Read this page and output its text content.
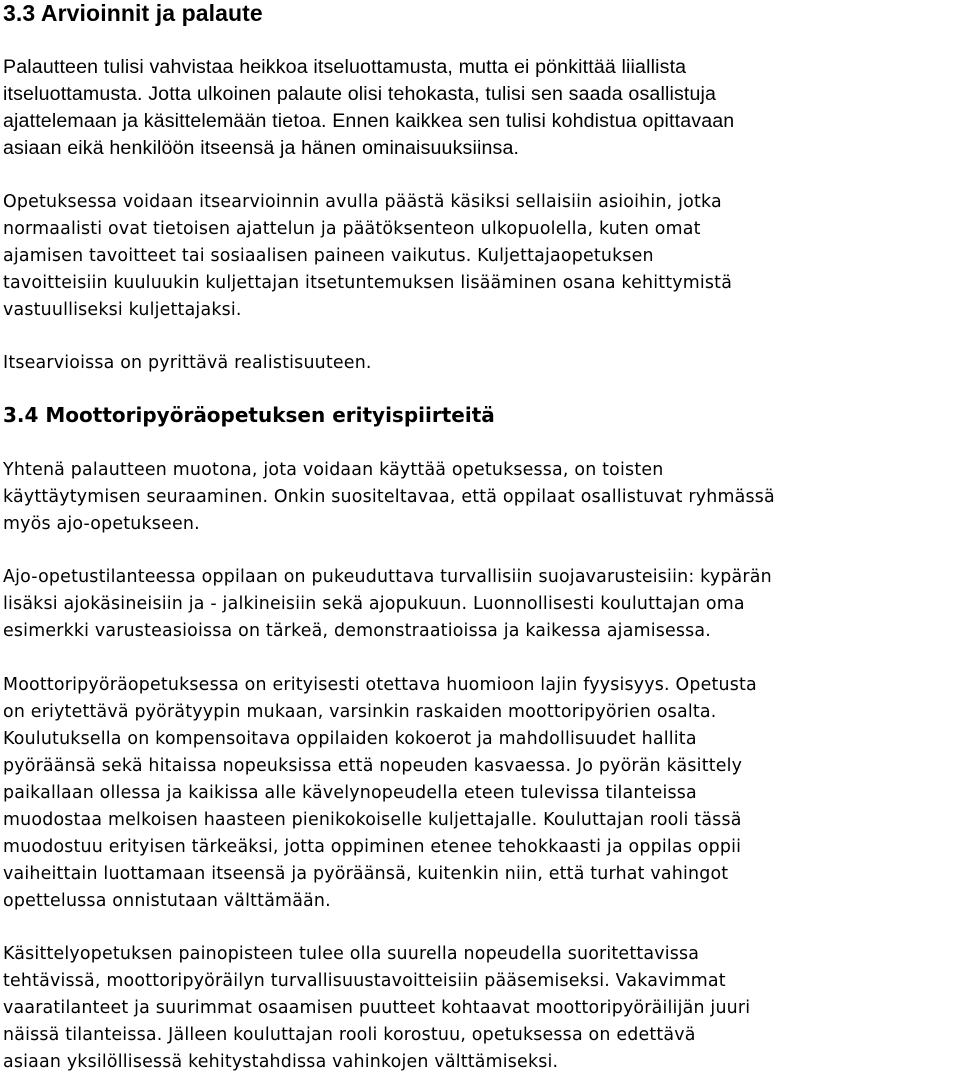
3.3 Arvioinnit ja palaute

Palautteen tulisi vahvistaa heikkoa itseluottamusta, mutta ei pönkittää liiallista
itseluottamusta. Jotta ulkoinen palaute olisi tehokasta, tulisi sen saada osallistuja
ajattelemaan ja käsittelemään tietoa. Ennen kaikkea sen tulisi kohdistua opittavaan
asiaan eikä henkilöön itseensä ja hänen ominaisuuksiinsa.

Opetuksessa voidaan itsearvioinnin avulla päästä käsiksi sellaisiin asioihin, jotka
normaalisti ovat tietoisen ajattelun ja päätöksenteon ulkopuolella, kuten omat
ajamisen tavoitteet tai sosiaalisen paineen vaikutus. Kuljettajaopetuksen
tavoitteisiin kuuluukin kuljettajan itsetuntemuksen lisääminen osana kehittymistä
vastuulliseksi kuljettajaksi.

Itsearvioissa on pyrittävä realistisuuteen.

3.4 Moottoripyöräopetuksen erityispiirteitä

Yhtenä palautteen muotona, jota voidaan käyttää opetuksessa, on toisten
käyttäytymisen seuraaminen. Onkin suositeltavaa, että oppilaat osallistuvat ryhmässä
myös ajo-opetukseen.

Ajo-opetustilanteessa oppilaan on pukeuduttava turvallisiin suojavarusteisiin: kypärän
lisäksi ajokäsineisiin ja - jalkineisiin sekä ajopukuun. Luonnollisesti kouluttajan oma
esimerkki varusteasioissa on tärkeä, demonstraatioissa ja kaikessa ajamisessa.

Moottoripyöräopetuksessa on erityisesti otettava huomioon lajin fyysisyys. Opetusta
on eriytettävä pyörätyypin mukaan, varsinkin raskaiden moottoripyörien osalta.
Koulutuksella on kompensoitava oppilaiden kokoerot ja mahdollisuudet hallita
pyöräänsä sekä hitaissa nopeuksissa että nopeuden kasvaessa. Jo pyörän käsittely
paikallaan ollessa ja kaikissa alle kävelynopeudella eteen tulevissa tilanteissa
muodostaa melkoisen haasteen pienikokoiselle kuljettajalle. Kouluttajan rooli tässä
muodostuu erityisen tärkeäksi, jotta oppiminen etenee tehokkaasti ja oppilas oppii
vaiheittain luottamaan itseensä ja pyöräänsä, kuitenkin niin, että turhat vahingot
opettelussa onnistutaan välttämään.

Käsittelyopetuksen painopisteen tulee olla suurella nopeudella suoritettavissa
tehtävissä, moottoripyöräilyn turvallisuustavoitteisiin pääsemiseksi. Vakavimmat
vaaratilanteet ja suurimmat osaamisen puutteet kohtaavat moottoripyöräilijän juuri
näissä tilanteissa. Jälleen kouluttajan rooli korostuu, opetuksessa on edettävä
asiaan yksilöllisessä kehitystahdissa vahinkojen välttämiseksi.
